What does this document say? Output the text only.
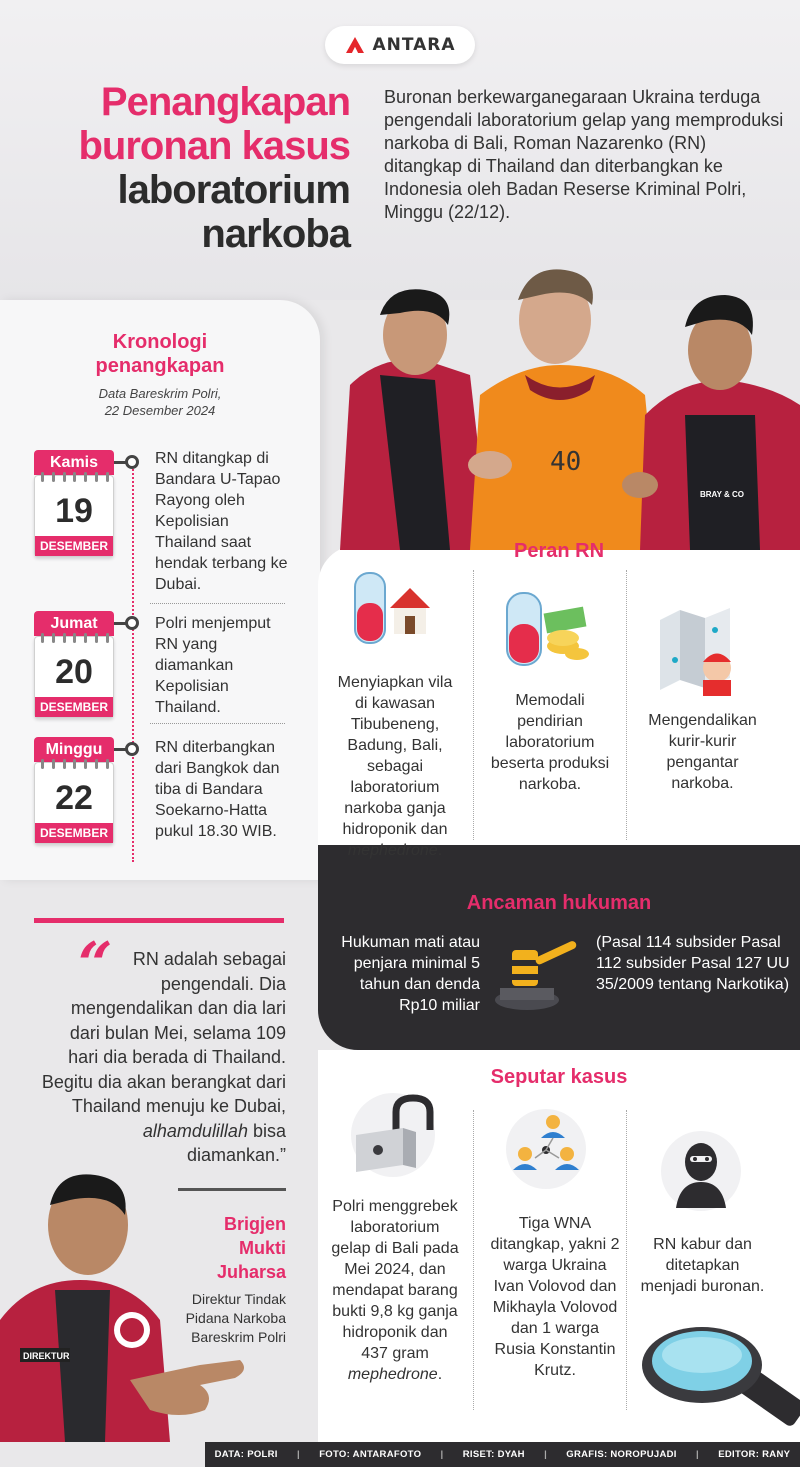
ANTARA
Penangkapan
buronan kasus
laboratorium
narkoba
Buronan berkewarganegaraan Ukraina terduga pengendali laboratorium gelap yang memproduksi narkoba di Bali, Roman Nazarenko (RN) ditangkap di Thailand dan diterbangkan ke Indonesia oleh Badan Reserse Kriminal Polri, Minggu (22/12).
40
BRAY & CO
Kronologi penangkapan
Data Bareskrim Polri,
22 Desember 2024
Kamis
19
DESEMBER
RN ditangkap di Bandara U-Tapao Rayong oleh Kepolisian Thailand saat hendak terbang ke Dubai.
Jumat
20
DESEMBER
Polri menjemput RN yang diamankan Kepolisian Thailand.
Minggu
22
DESEMBER
RN diterbangkan dari Bangkok dan tiba di Bandara Soekarno-Hatta pukul 18.30 WIB.
“	RN adalah sebagai pengendali. Dia mengendalikan dan dia lari dari bulan Mei, selama 109 hari dia berada di Thailand. Begitu dia akan berangkat dari Thailand menuju ke Dubai, alhamdulillah bisa diamankan.”
Brigjen Mukti Juharsa
Direktur Tindak Pidana Narkoba Bareskrim Polri
DIREKTUR
Peran RN
Menyiapkan vila di kawasan Tibubeneng, Badung, Bali, sebagai laboratorium narkoba ganja hidroponik dan mephedrone.
Memodali pendirian laboratorium beserta produksi narkoba.
Mengendalikan kurir-kurir pengantar narkoba.
Ancaman hukuman
Hukuman mati atau penjara minimal 5 tahun dan denda Rp10 miliar
(Pasal 114 subsider Pasal 112 subsider Pasal 127 UU 35/2009 tentang Narkotika)
Seputar kasus
Polri menggrebek laboratorium gelap di Bali pada Mei 2024, dan mendapat barang bukti 9,8 kg ganja hidroponik dan 437 gram mephedrone.
Tiga WNA ditangkap, yakni 2 warga Ukraina Ivan Volovod dan Mikhayla Volovod dan 1 warga Rusia Konstantin Krutz.
RN kabur dan ditetapkan menjadi buronan.
DATA: POLRI | FOTO: ANTARAFOTO | RISET: DYAH | GRAFIS: NOROPUJADI | EDITOR: RANY
